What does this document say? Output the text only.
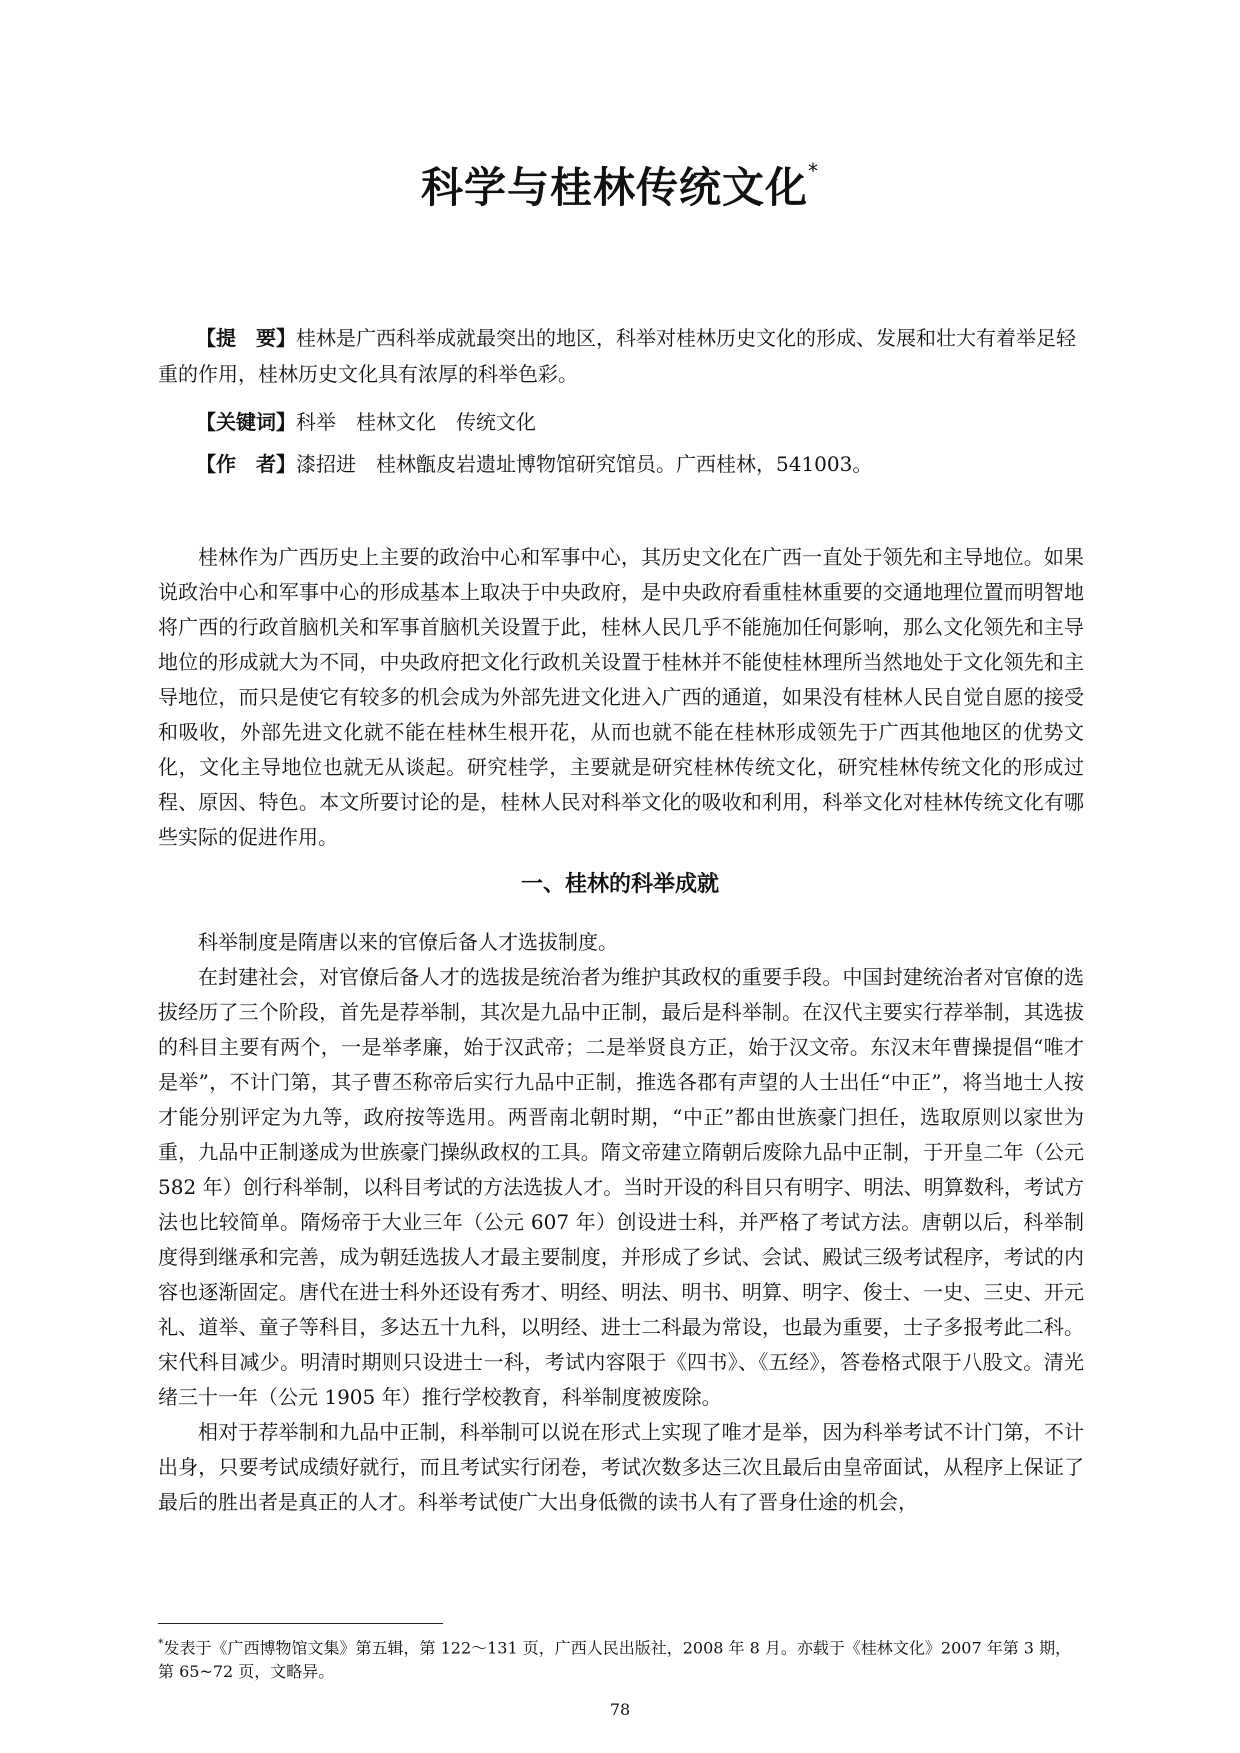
科学与桂林传统文化*
【提　要】桂林是广西科举成就最突出的地区，科举对桂林历史文化的形成、发展和壮大有着举足轻重的作用，桂林历史文化具有浓厚的科举色彩。
【关键词】科举　桂林文化　传统文化
【作　者】漆招进　桂林甑皮岩遗址博物馆研究馆员。广西桂林，541003。

桂林作为广西历史上主要的政治中心和军事中心，其历史文化在广西一直处于领先和主导地位。如果说政治中心和军事中心的形成基本上取决于中央政府，是中央政府看重桂林重要的交通地理位置而明智地将广西的行政首脑机关和军事首脑机关设置于此，桂林人民几乎不能施加任何影响，那么文化领先和主导地位的形成就大为不同，中央政府把文化行政机关设置于桂林并不能使桂林理所当然地处于文化领先和主导地位，而只是使它有较多的机会成为外部先进文化进入广西的通道，如果没有桂林人民自觉自愿的接受和吸收，外部先进文化就不能在桂林生根开花，从而也就不能在桂林形成领先于广西其他地区的优势文化，文化主导地位也就无从谈起。研究桂学，主要就是研究桂林传统文化，研究桂林传统文化的形成过程、原因、特色。本文所要讨论的是，桂林人民对科举文化的吸收和利用，科举文化对桂林传统文化有哪些实际的促进作用。

一、桂林的科举成就

科举制度是隋唐以来的官僚后备人才选拔制度。

在封建社会，对官僚后备人才的选拔是统治者为维护其政权的重要手段。中国封建统治者对官僚的选拔经历了三个阶段，首先是荐举制，其次是九品中正制，最后是科举制。在汉代主要实行荐举制，其选拔的科目主要有两个，一是举孝廉，始于汉武帝；二是举贤良方正，始于汉文帝。东汉末年曹操提倡“唯才是举”，不计门第，其子曹丕称帝后实行九品中正制，推选各郡有声望的人士出任“中正”，将当地士人按才能分别评定为九等，政府按等选用。两晋南北朝时期，“中正”都由世族豪门担任，选取原则以家世为重，九品中正制遂成为世族豪门操纵政权的工具。隋文帝建立隋朝后废除九品中正制，于开皇二年（公元 582 年）创行科举制，以科目考试的方法选拔人才。当时开设的科目只有明字、明法、明算数科，考试方法也比较简单。隋炀帝于大业三年（公元 607 年）创设进士科，并严格了考试方法。唐朝以后，科举制度得到继承和完善，成为朝廷选拔人才最主要制度，并形成了乡试、会试、殿试三级考试程序，考试的内容也逐渐固定。唐代在进士科外还设有秀才、明经、明法、明书、明算、明字、俊士、一史、三史、开元礼、道举、童子等科目，多达五十九科，以明经、进士二科最为常设，也最为重要，士子多报考此二科。宋代科目减少。明清时期则只设进士一科，考试内容限于《四书》、《五经》，答卷格式限于八股文。清光绪三十一年（公元 1905 年）推行学校教育，科举制度被废除。

相对于荐举制和九品中正制，科举制可以说在形式上实现了唯才是举，因为科举考试不计门第，不计出身，只要考试成绩好就行，而且考试实行闭卷，考试次数多达三次且最后由皇帝面试，从程序上保证了最后的胜出者是真正的人才。科举考试使广大出身低微的读书人有了晋身仕途的机会，

*发表于《广西博物馆文集》第五辑，第 122～131 页，广西人民出版社，2008 年 8 月。亦载于《桂林文化》2007 年第 3 期，第 65~72 页，文略异。
78
